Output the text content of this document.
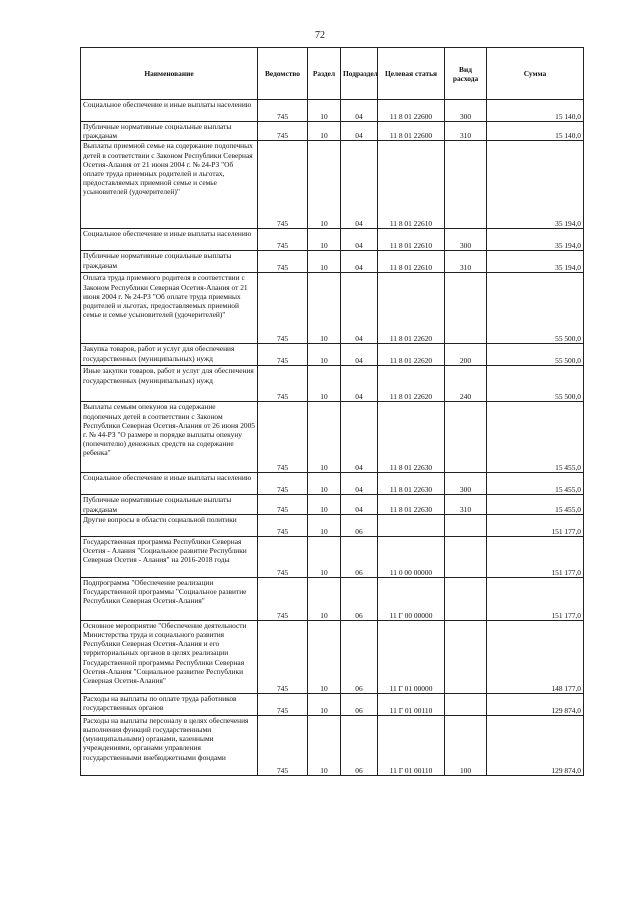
72
Наименование	Ведомство	Раздел	Подраздел	Целевая статья	Вид расхода	Сумма
Социальное обеспечение и иные выплаты населению	745	10	04	11 8 01 22600	300	15 140,0
Публичные нормативные социальные выплаты гражданам	745	10	04	11 8 01 22600	310	15 140,0
Выплаты приемной семье на содержание подопечных детей в соответствии с Законом Республики Северная Осетия-Алания от 21 июня 2004 г. № 24-РЗ "Об оплате труда приемных родителей и льготах, предоставляемых приемной семье и семье усыновителей (удочерителей)"	745	10	04	11 8 01 22610		35 194,0
Социальное обеспечение и иные выплаты населению	745	10	04	11 8 01 22610	300	35 194,0
Публичные нормативные социальные выплаты гражданам	745	10	04	11 8 01 22610	310	35 194,0
Оплата труда приемного родителя в соответствии с Законом Республики Северная Осетия-Алания от 21 июня 2004 г. № 24-РЗ "Об оплате труда приемных родителей и льготах, предоставляемых приемной семье и семье усыновителей (удочерителей)"	745	10	04	11 8 01 22620		55 500,0
Закупка товаров, работ и услуг для обеспечения государственных (муниципальных) нужд	745	10	04	11 8 01 22620	200	55 500,0
Иные закупки товаров, работ и услуг для обеспечения государственных (муниципальных) нужд	745	10	04	11 8 01 22620	240	55 500,0
Выплаты семьям опекунов на содержание подопечных детей в соответствии с Законом Республики Северная Осетия-Алания от 26 июня 2005 г. № 44-РЗ "О размере и порядке выплаты опекуну (попечителю) денежных средств на содержание ребенка"	745	10	04	11 8 01 22630		15 455,0
Социальное обеспечение и иные выплаты населению	745	10	04	11 8 01 22630	300	15 455,0
Публичные нормативные социальные выплаты гражданам	745	10	04	11 8 01 22630	310	15 455,0
Другие вопросы в области социальной политики	745	10	06			151 177,0
Государственная программа Республики Северная Осетия - Алания "Социальное развитие Республики Северная Осетия - Алания" на 2016-2018 годы	745	10	06	11 0 00 00000		151 177,0
Подпрограмма "Обеспечение реализации Государственной программы "Социальное развитие Республики Северная Осетия-Алания"	745	10	06	11 Г 00 00000		151 177,0
Основное мероприятие "Обеспечение деятельности Министерства труда и социального развития Республики Северная Осетия-Алания и его территориальных органов в целях реализации Государственной программы Республики Северная Осетия-Алания "Социальное развитие Республики Северная Осетия-Алания"	745	10	06	11 Г 01 00000		148 177,0
Расходы на выплаты по оплате труда работников государственных органов	745	10	06	11 Г 01 00110		129 874,0
Расходы на выплаты персоналу в целях обеспечения выполнения функций государственными (муниципальными) органами, казенными учреждениями, органами управления государственными внебюджетными фондами	745	10	06	11 Г 01 00110	100	129 874,0
